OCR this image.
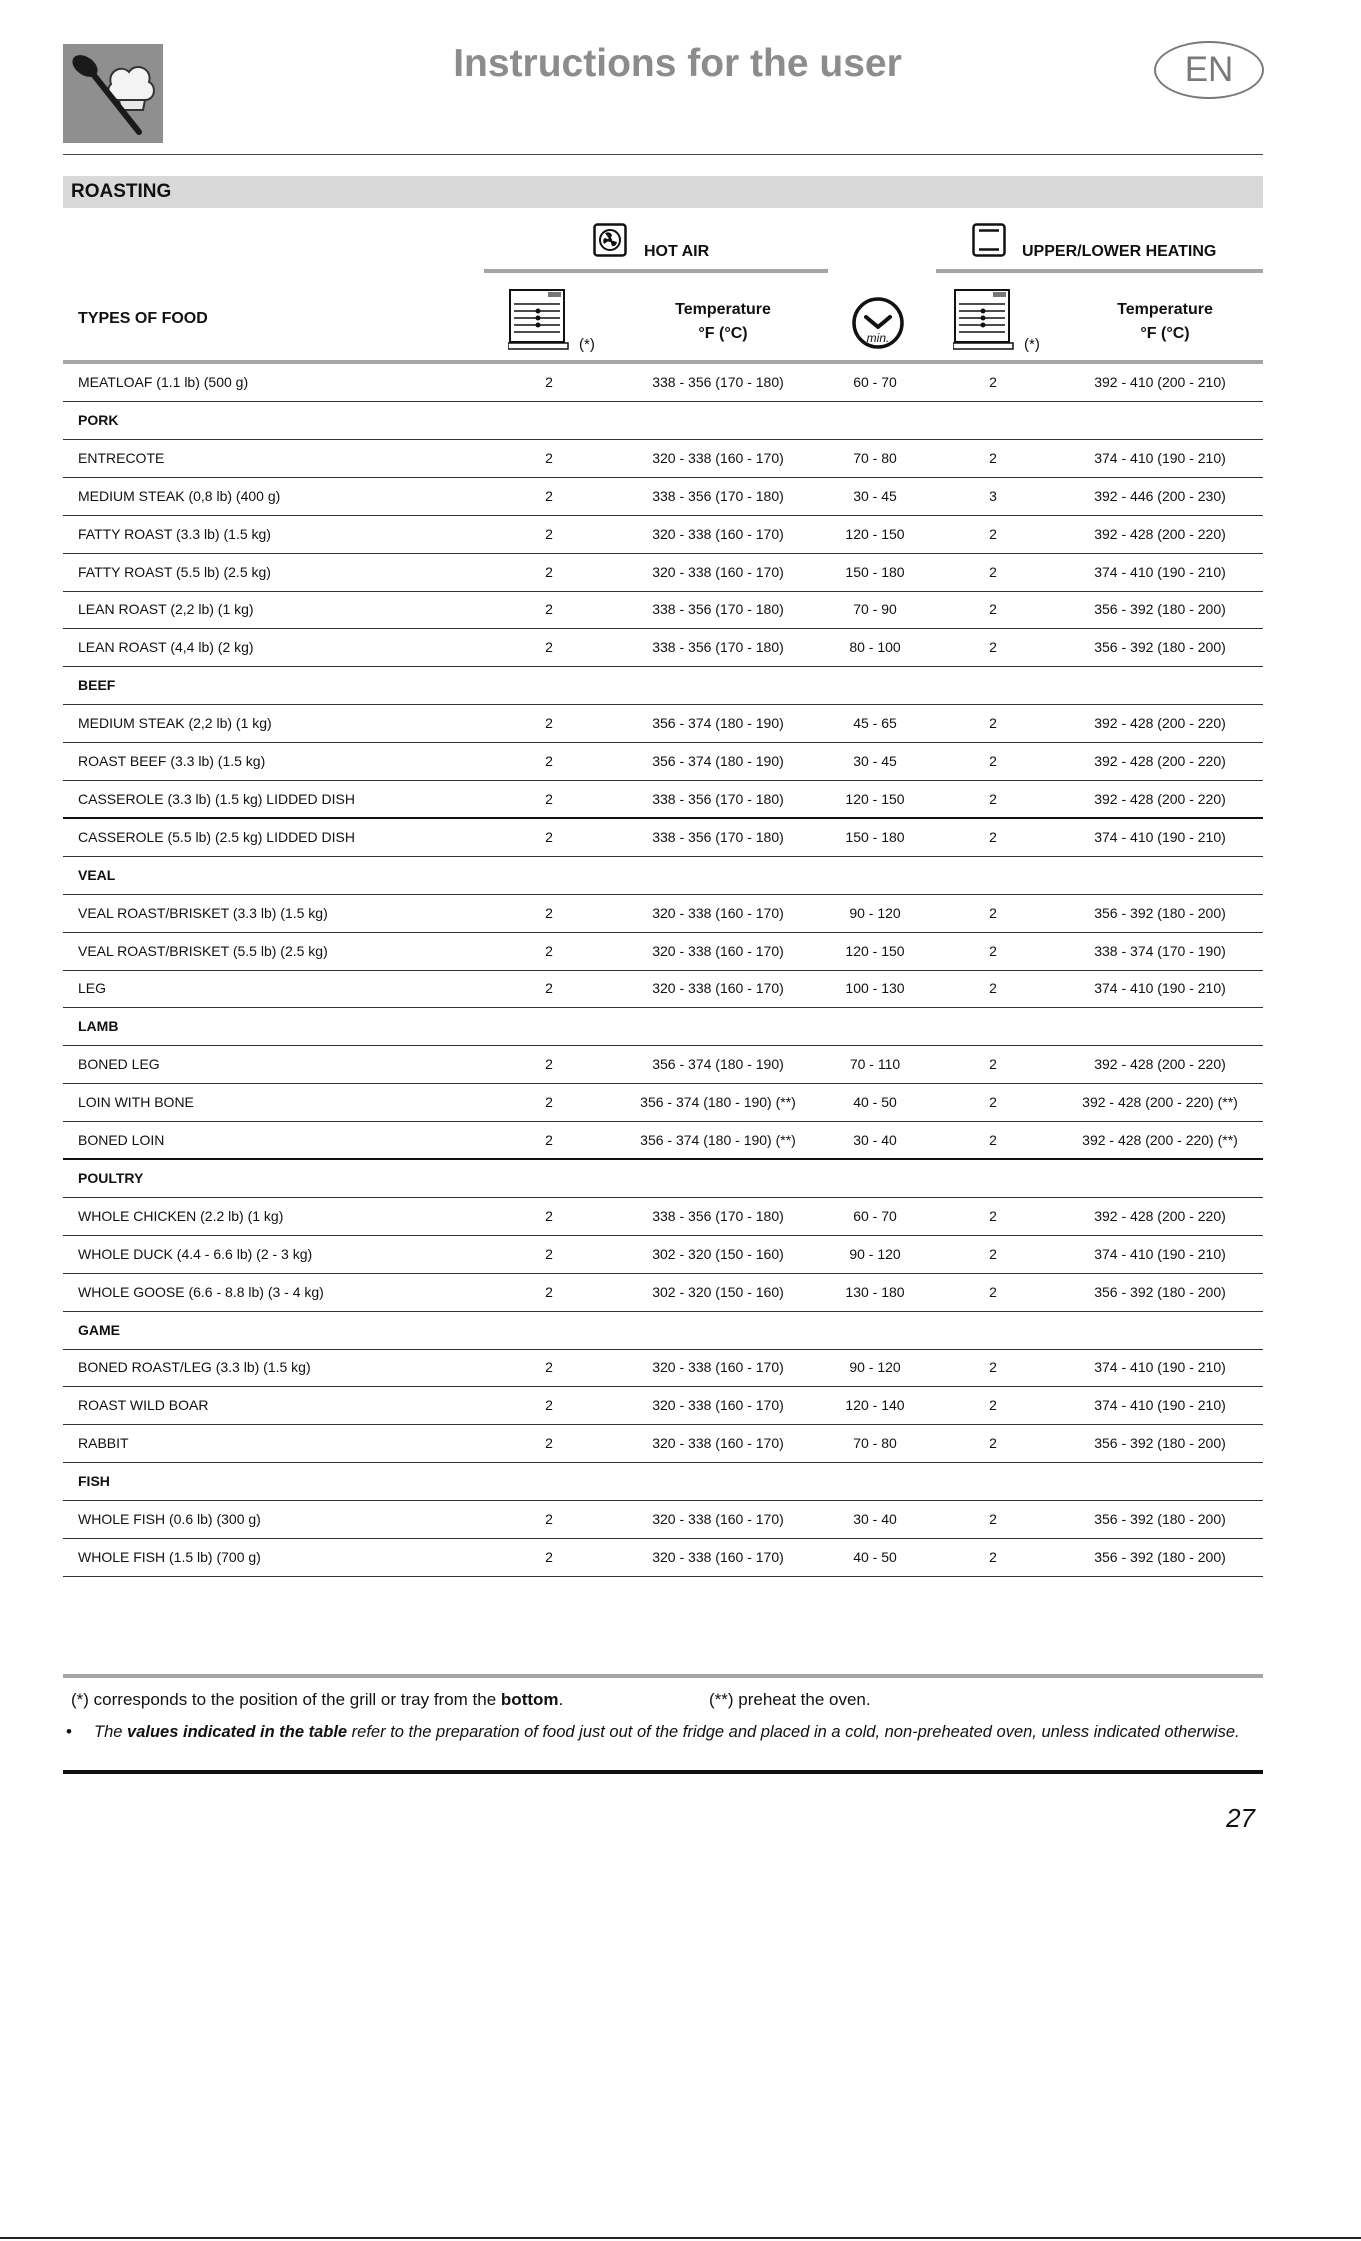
Instructions for the user	EN
ROASTING
HOT AIR	UPPER/LOWER HEATING
TYPES OF FOOD
(*)
Temperature
°F (°C)	min.	(*)
Temperature
°F (°C)
MEATLOAF (1.1 lb) (500 g)	2	338 - 356 (170 - 180)	60 - 70	2	392 - 410 (200 - 210)
PORK
ENTRECOTE	2	320 - 338 (160 - 170)	70 - 80	2	374 - 410 (190 - 210)
MEDIUM STEAK (0,8 lb) (400 g)	2	338 - 356 (170 - 180)	30 - 45	3	392 - 446 (200 - 230)
FATTY ROAST (3.3 lb) (1.5 kg)	2	320 - 338 (160 - 170)	120 - 150	2	392 - 428 (200 - 220)
FATTY ROAST (5.5 lb) (2.5 kg)	2	320 - 338 (160 - 170)	150 - 180	2	374 - 410 (190 - 210)
LEAN ROAST (2,2 lb) (1 kg)	2	338 - 356 (170 - 180)	70 - 90	2	356 - 392 (180 - 200)
LEAN ROAST (4,4 lb) (2 kg)	2	338 - 356 (170 - 180)	80 - 100	2	356 - 392 (180 - 200)
BEEF
MEDIUM STEAK (2,2 lb) (1 kg)	2	356 - 374 (180 - 190)	45 - 65	2	392 - 428 (200 - 220)
ROAST BEEF (3.3 lb) (1.5 kg)	2	356 - 374 (180 - 190)	30 - 45	2	392 - 428 (200 - 220)
CASSEROLE (3.3 lb) (1.5 kg) LIDDED DISH	2	338 - 356 (170 - 180)	120 - 150	2	392 - 428 (200 - 220)
CASSEROLE (5.5 lb) (2.5 kg) LIDDED DISH	2	338 - 356 (170 - 180)	150 - 180	2	374 - 410 (190 - 210)
VEAL
VEAL ROAST/BRISKET (3.3 lb) (1.5 kg)	2	320 - 338 (160 - 170)	90 - 120	2	356 - 392 (180 - 200)
VEAL ROAST/BRISKET (5.5 lb) (2.5 kg)	2	320 - 338 (160 - 170)	120 - 150	2	338 - 374 (170 - 190)
LEG	2	320 - 338 (160 - 170)	100 - 130	2	374 - 410 (190 - 210)
LAMB
BONED LEG	2	356 - 374 (180 - 190)	70 - 110	2	392 - 428 (200 - 220)
LOIN WITH BONE	2	356 - 374 (180 - 190) (**)	40 - 50	2	392 - 428 (200 - 220) (**)
BONED LOIN	2	356 - 374 (180 - 190) (**)	30 - 40	2	392 - 428 (200 - 220) (**)
POULTRY
WHOLE CHICKEN (2.2 lb) (1 kg)	2	338 - 356 (170 - 180)	60 - 70	2	392 - 428 (200 - 220)
WHOLE DUCK (4.4 - 6.6 lb) (2 - 3 kg)	2	302 - 320 (150 - 160)	90 - 120	2	374 - 410 (190 - 210)
WHOLE GOOSE (6.6 - 8.8 lb) (3 - 4 kg)	2	302 - 320 (150 - 160)	130 - 180	2	356 - 392 (180 - 200)
GAME
BONED ROAST/LEG (3.3 lb) (1.5 kg)	2	320 - 338 (160 - 170)	90 - 120	2	374 - 410 (190 - 210)
ROAST WILD BOAR	2	320 - 338 (160 - 170)	120 - 140	2	374 - 410 (190 - 210)
RABBIT	2	320 - 338 (160 - 170)	70 - 80	2	356 - 392 (180 - 200)
FISH
WHOLE FISH (0.6 lb) (300 g)	2	320 - 338 (160 - 170)	30 - 40	2	356 - 392 (180 - 200)
WHOLE FISH (1.5 lb) (700 g)	2	320 - 338 (160 - 170)	40 - 50	2	356 - 392 (180 - 200)
(*) corresponds to the position of the grill or tray from the bottom.	(**) preheat the oven.
• The values indicated in the table refer to the preparation of food just out of the fridge and placed in a cold, non-preheated oven, unless indicated otherwise.
27
